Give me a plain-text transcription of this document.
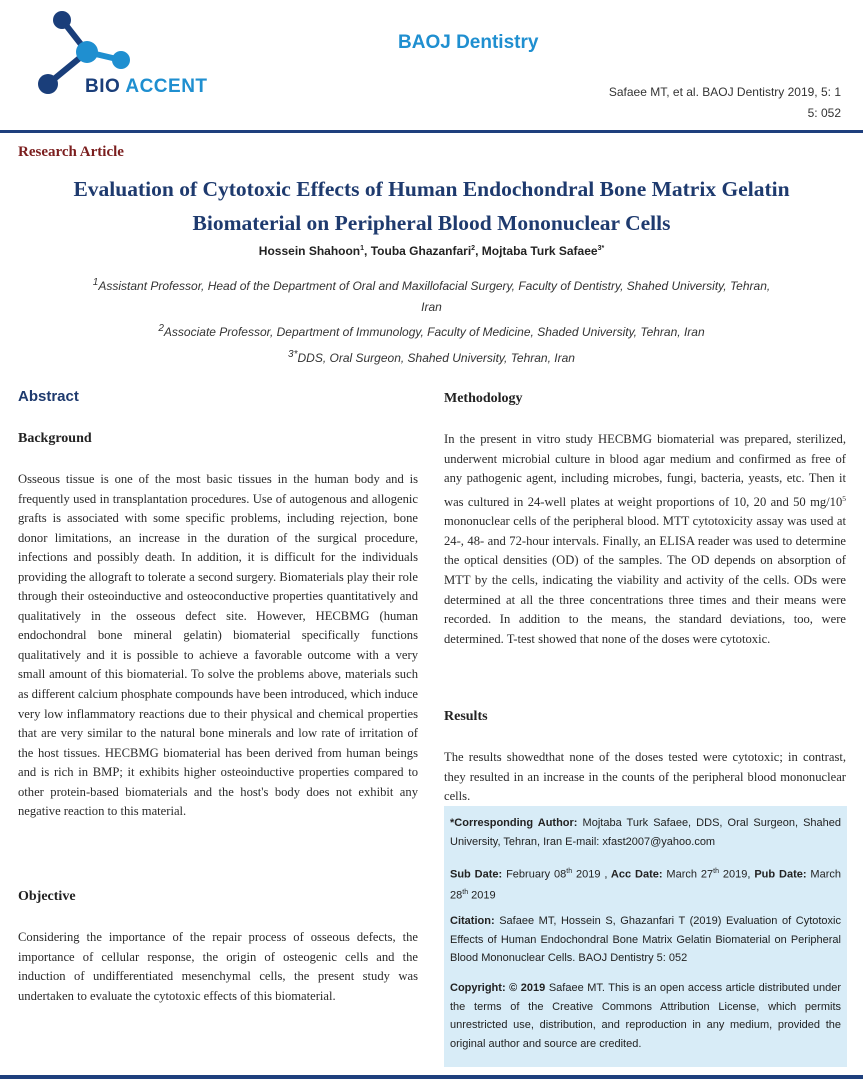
BIO ACCENT
BAOJ Dentistry
Safaee MT, et al. BAOJ Dentistry 2019, 5: 1
5: 052
Research Article
Evaluation of Cytotoxic Effects of Human Endochondral Bone Matrix Gelatin Biomaterial on Peripheral Blood Mononuclear Cells
Hossein Shahoon$^1$, Touba Ghazanfari$^2$, Mojtaba Turk Safaee$^{3*}$
$^1$Assistant Professor, Head of the Department of Oral and Maxillofacial Surgery, Faculty of Dentistry, Shahed University, Tehran, Iran
$^2$Associate Professor, Department of Immunology, Faculty of Medicine, Shaded University, Tehran, Iran
$^{3*}$DDS, Oral Surgeon, Shahed University, Tehran, Iran
Abstract
Background
Osseous tissue is one of the most basic tissues in the human body and is frequently used in transplantation procedures. Use of autogenous and allogenic grafts is associated with some specific problems, including rejection, bone donor limitations, an increase in the duration of the surgical procedure, infections and possibly death. In addition, it is difficult for the individuals providing the allograft to tolerate a second surgery. Biomaterials play their role through their osteoinductive and osteoconductive properties quantitatively and qualitatively in the osseous defect site. However, HECBMG (human endochondral bone mineral gelatin) biomaterial specifically functions qualitatively and it is possible to achieve a favorable outcome with a very small amount of this biomaterial. To solve the problems above, materials such as different calcium phosphate compounds have been introduced, which induce very low inflammatory reactions due to their physical and chemical properties that are very similar to the natural bone minerals and low rate of irritation of the host tissues. HECBMG biomaterial has been derived from human beings and is rich in BMP; it exhibits higher osteoinductive properties compared to other protein-based biomaterials and the host's body does not exhibit any negative reaction to this material.
Objective
Considering the importance of the repair process of osseous defects, the importance of cellular response, the origin of osteogenic cells and the induction of undifferentiated mesenchymal cells, the present study was undertaken to evaluate the cytotoxic effects of this biomaterial.
Methodology
In the present in vitro study HECBMG biomaterial was prepared, sterilized, underwent microbial culture in blood agar medium and confirmed as free of any pathogenic agent, including microbes, fungi, bacteria, yeasts, etc. Then it was cultured in 24-well plates at weight proportions of 10, 20 and 50 $mg/10^5$ mononuclear cells of the peripheral blood. MTT cytotoxicity assay was used at 24-, 48- and 72-hour intervals. Finally, an ELISA reader was used to determine the optical densities (OD) of the samples. The OD depends on absorption of MTT by the cells, indicating the viability and activity of the cells. ODs were determined at all the three concentrations three times and their means were recorded. In addition to the means, the standard deviations, too, were determined. T-test showed that none of the doses were cytotoxic.
Results
The results showedthat none of the doses tested were cytotoxic; in contrast, they resulted in an increase in the counts of the peripheral blood mononuclear cells.

*Corresponding Author: Mojtaba Turk Safaee, DDS, Oral Surgeon, Shahed University, Tehran, Iran E-mail: xfast2007@yahoo.com

Sub Date: February 08th 2019 , Acc Date: March 27th 2019, Pub Date: March 28th 2019

Citation: Safaee MT, Hossein S, Ghazanfari T (2019) Evaluation of Cytotoxic Effects of Human Endochondral Bone Matrix Gelatin Biomaterial on Peripheral Blood Mononuclear Cells. BAOJ Dentistry 5: 052

Copyright: © 2019 Safaee MT. This is an open access article distributed under the terms of the Creative Commons Attribution License, which permits unrestricted use, distribution, and reproduction in any medium, provided the original author and source are credited.
